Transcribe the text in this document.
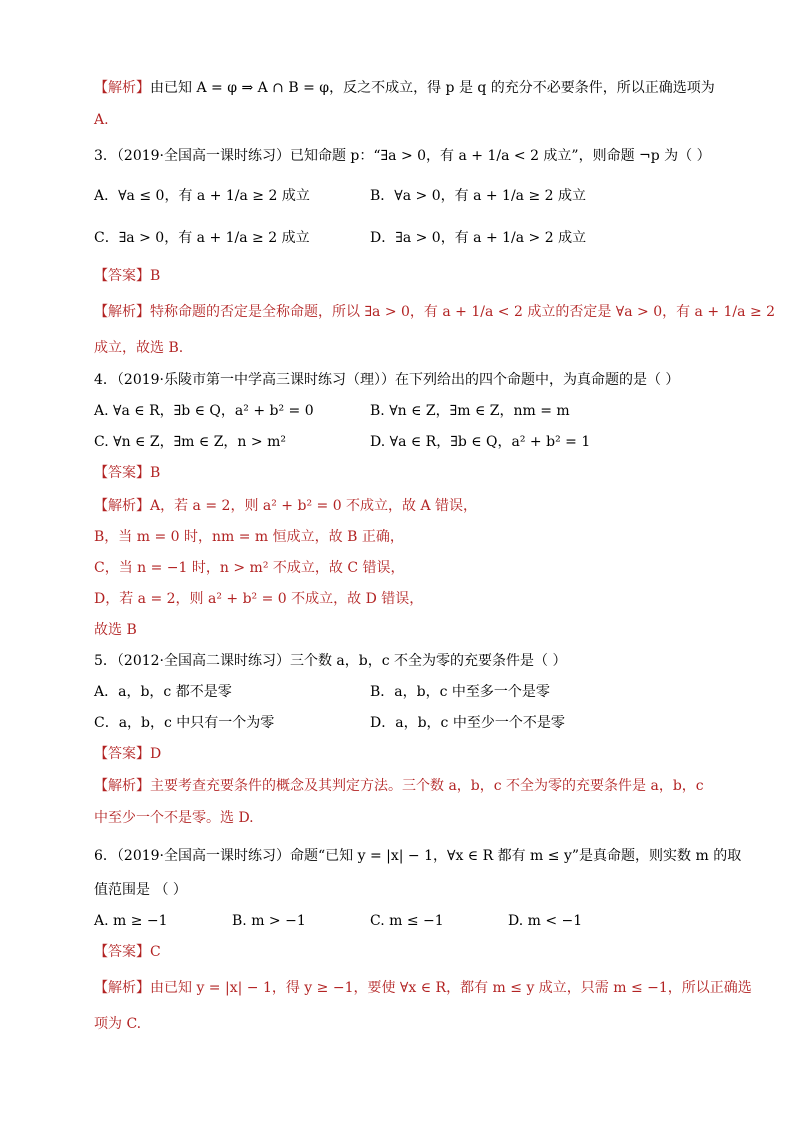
【解析】由已知 A = φ ⇒ A ∩ B = φ，反之不成立，得 p 是 q 的充分不必要条件，所以正确选项为
A.
3．（2019·全国高一课时练习）已知命题 p：“∃a > 0，有 a + 1/a < 2 成立”，则命题 ¬p 为（ ）
A．∀a ≤ 0，有 a + 1/a ≥ 2 成立	B．∀a > 0，有 a + 1/a ≥ 2 成立
C．∃a > 0，有 a + 1/a ≥ 2 成立	D．∃a > 0，有 a + 1/a > 2 成立
【答案】B
【解析】特称命题的否定是全称命题，所以 ∃a > 0，有 a + 1/a < 2 成立的否定是 ∀a > 0，有 a + 1/a ≥ 2
成立，故选 B.
4．（2019·乐陵市第一中学高三课时练习（理））在下列给出的四个命题中，为真命题的是（ ）
A. ∀a ∈ R，∃b ∈ Q，a² + b² = 0	B. ∀n ∈ Z，∃m ∈ Z，nm = m
C. ∀n ∈ Z，∃m ∈ Z，n > m²	D. ∀a ∈ R，∃b ∈ Q，a² + b² = 1
【答案】B
【解析】A，若 a = 2，则 a² + b² = 0 不成立，故 A 错误，
B，当 m = 0 时，nm = m 恒成立，故 B 正确，
C，当 n = −1 时，n > m² 不成立，故 C 错误，
D，若 a = 2，则 a² + b² = 0 不成立，故 D 错误，
故选 B
5．（2012·全国高二课时练习）三个数 a，b，c 不全为零的充要条件是（ ）
A．a，b，c 都不是零	B．a，b，c 中至多一个是零
C．a，b，c 中只有一个为零	D．a，b，c 中至少一个不是零
【答案】D
【解析】主要考查充要条件的概念及其判定方法。三个数 a，b，c 不全为零的充要条件是 a，b，c
中至少一个不是零。选 D.
6．（2019·全国高一课时练习）命题“已知 y = |x| − 1，∀x ∈ R 都有 m ≤ y”是真命题，则实数 m 的取
值范围是 （ ）
A. m ≥ −1	B. m > −1	C. m ≤ −1	D. m < −1
【答案】C
【解析】由已知 y = |x| − 1，得 y ≥ −1，要使 ∀x ∈ R，都有 m ≤ y 成立，只需 m ≤ −1，所以正确选
项为 C.
